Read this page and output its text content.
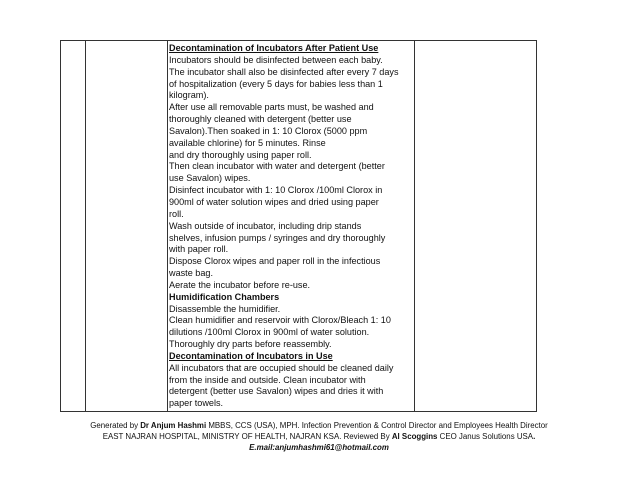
Decontamination of Incubators After Patient Use
Incubators should be disinfected between each baby.
The incubator shall also be disinfected after every 7 days
of hospitalization (every 5 days for babies less than 1
kilogram).
After use all removable parts must, be washed and
thoroughly cleaned with detergent (better use
Savalon).Then soaked in 1: 10 Clorox (5000 ppm
available chlorine) for 5 minutes. Rinse
and dry thoroughly using paper roll.
Then clean incubator with water and detergent (better
use Savalon) wipes.
Disinfect incubator with 1: 10 Clorox /100ml Clorox in
900ml of water solution wipes and dried using paper
roll.
Wash outside of incubator, including drip stands
shelves, infusion pumps / syringes and dry thoroughly
with paper roll.
Dispose Clorox wipes and paper roll in the infectious
waste bag.
Aerate the incubator before re-use.
Humidification Chambers
Disassemble the humidifier.
Clean humidifier and reservoir with Clorox/Bleach 1: 10
dilutions /100ml Clorox in 900ml of water solution.
Thoroughly dry parts before reassembly.
Decontamination of Incubators in Use
All incubators that are occupied should be cleaned daily
from the inside and outside. Clean incubator with
detergent (better use Savalon) wipes and dries it with
paper towels.
Generated by Dr Anjum Hashmi MBBS, CCS (USA), MPH. Infection Prevention & Control Director and Employees Health Director
EAST NAJRAN HOSPITAL, MINISTRY OF HEALTH, NAJRAN KSA. Reviewed By Al Scoggins CEO Janus Solutions USA.
E.mail:anjumhashmi61@hotmail.com
